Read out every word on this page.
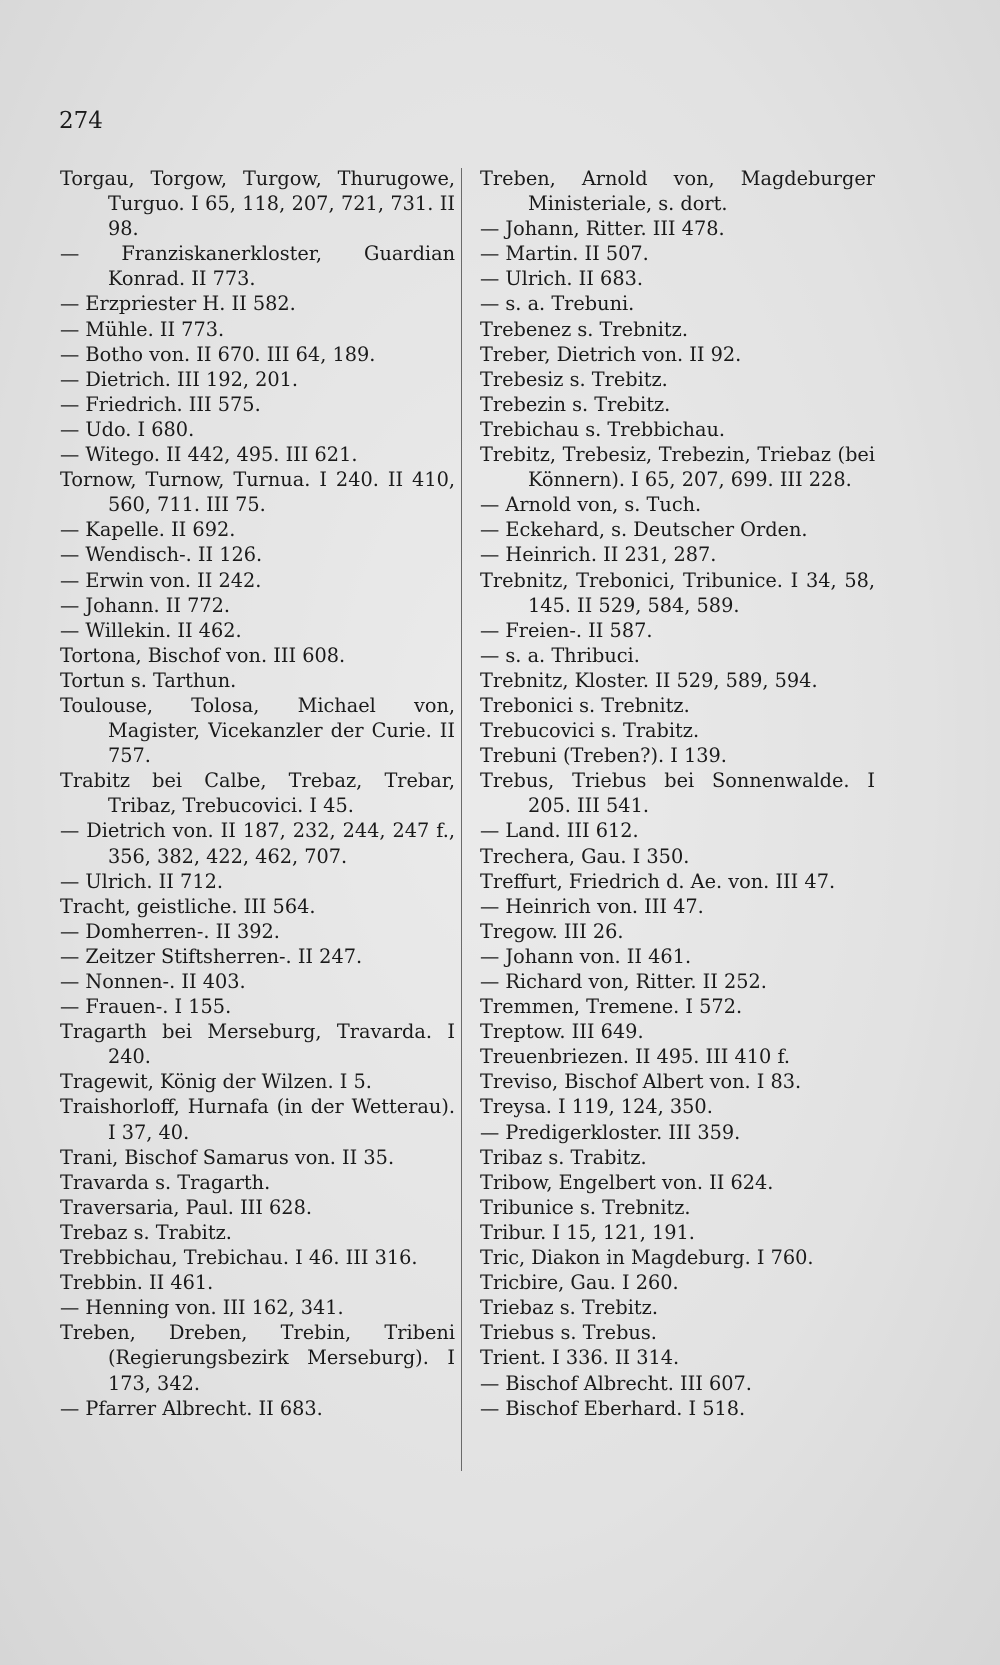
274

Torgau, Torgow, Turgow, Thurugowe, Turguo. I 65, 118, 207, 721, 731. II 98.

— Franziskanerkloster, Guardian Konrad. II 773.

— Erzpriester H. II 582.

— Mühle. II 773.

— Botho von. II 670. III 64, 189.

— Dietrich. III 192, 201.

— Friedrich. III 575.

— Udo. I 680.

— Witego. II 442, 495. III 621.

Tornow, Turnow, Turnua. I 240. II 410, 560, 711. III 75.

— Kapelle. II 692.

— Wendisch-. II 126.

— Erwin von. II 242.

— Johann. II 772.

— Willekin. II 462.

Tortona, Bischof von. III 608.

Tortun s. Tarthun.

Toulouse, Tolosa, Michael von, Magister, Vicekanzler der Curie. II 757.

Trabitz bei Calbe, Trebaz, Trebar, Tribaz, Trebucovici. I 45.

— Dietrich von. II 187, 232, 244, 247 f., 356, 382, 422, 462, 707.

— Ulrich. II 712.

Tracht, geistliche. III 564.

— Domherren-. II 392.

— Zeitzer Stiftsherren-. II 247.

— Nonnen-. II 403.

— Frauen-. I 155.

Tragarth bei Merseburg, Travarda. I 240.

Tragewit, König der Wilzen. I 5.

Traishorloff, Hurnafa (in der Wetterau). I 37, 40.

Trani, Bischof Samarus von. II 35.

Travarda s. Tragarth.

Traversaria, Paul. III 628.

Trebaz s. Trabitz.

Trebbichau, Trebichau. I 46. III 316.

Trebbin. II 461.

— Henning von. III 162, 341.

Treben, Dreben, Trebin, Tribeni (Regierungsbezirk Merseburg). I 173, 342.

— Pfarrer Albrecht. II 683.

Treben, Arnold von, Magdeburger Ministeriale, s. dort.

— Johann, Ritter. III 478.

— Martin. II 507.

— Ulrich. II 683.

— s. a. Trebuni.

Trebenez s. Trebnitz.

Treber, Dietrich von. II 92.

Trebesiz s. Trebitz.

Trebezin s. Trebitz.

Trebichau s. Trebbichau.

Trebitz, Trebesiz, Trebezin, Triebaz (bei Könnern). I 65, 207, 699. III 228.

— Arnold von, s. Tuch.

— Eckehard, s. Deutscher Orden.

— Heinrich. II 231, 287.

Trebnitz, Trebonici, Tribunice. I 34, 58, 145. II 529, 584, 589.

— Freien-. II 587.

— s. a. Thribuci.

Trebnitz, Kloster. II 529, 589, 594.

Trebonici s. Trebnitz.

Trebucovici s. Trabitz.

Trebuni (Treben?). I 139.

Trebus, Triebus bei Sonnenwalde. I 205. III 541.

— Land. III 612.

Trechera, Gau. I 350.

Treffurt, Friedrich d. Ae. von. III 47.

— Heinrich von. III 47.

Tregow. III 26.

— Johann von. II 461.

— Richard von, Ritter. II 252.

Tremmen, Tremene. I 572.

Treptow. III 649.

Treuenbriezen. II 495. III 410 f.

Treviso, Bischof Albert von. I 83.

Treysa. I 119, 124, 350.

— Predigerkloster. III 359.

Tribaz s. Trabitz.

Tribow, Engelbert von. II 624.

Tribunice s. Trebnitz.

Tribur. I 15, 121, 191.

Tric, Diakon in Magdeburg. I 760.

Tricbire, Gau. I 260.

Triebaz s. Trebitz.

Triebus s. Trebus.

Trient. I 336. II 314.

— Bischof Albrecht. III 607.

— Bischof Eberhard. I 518.
